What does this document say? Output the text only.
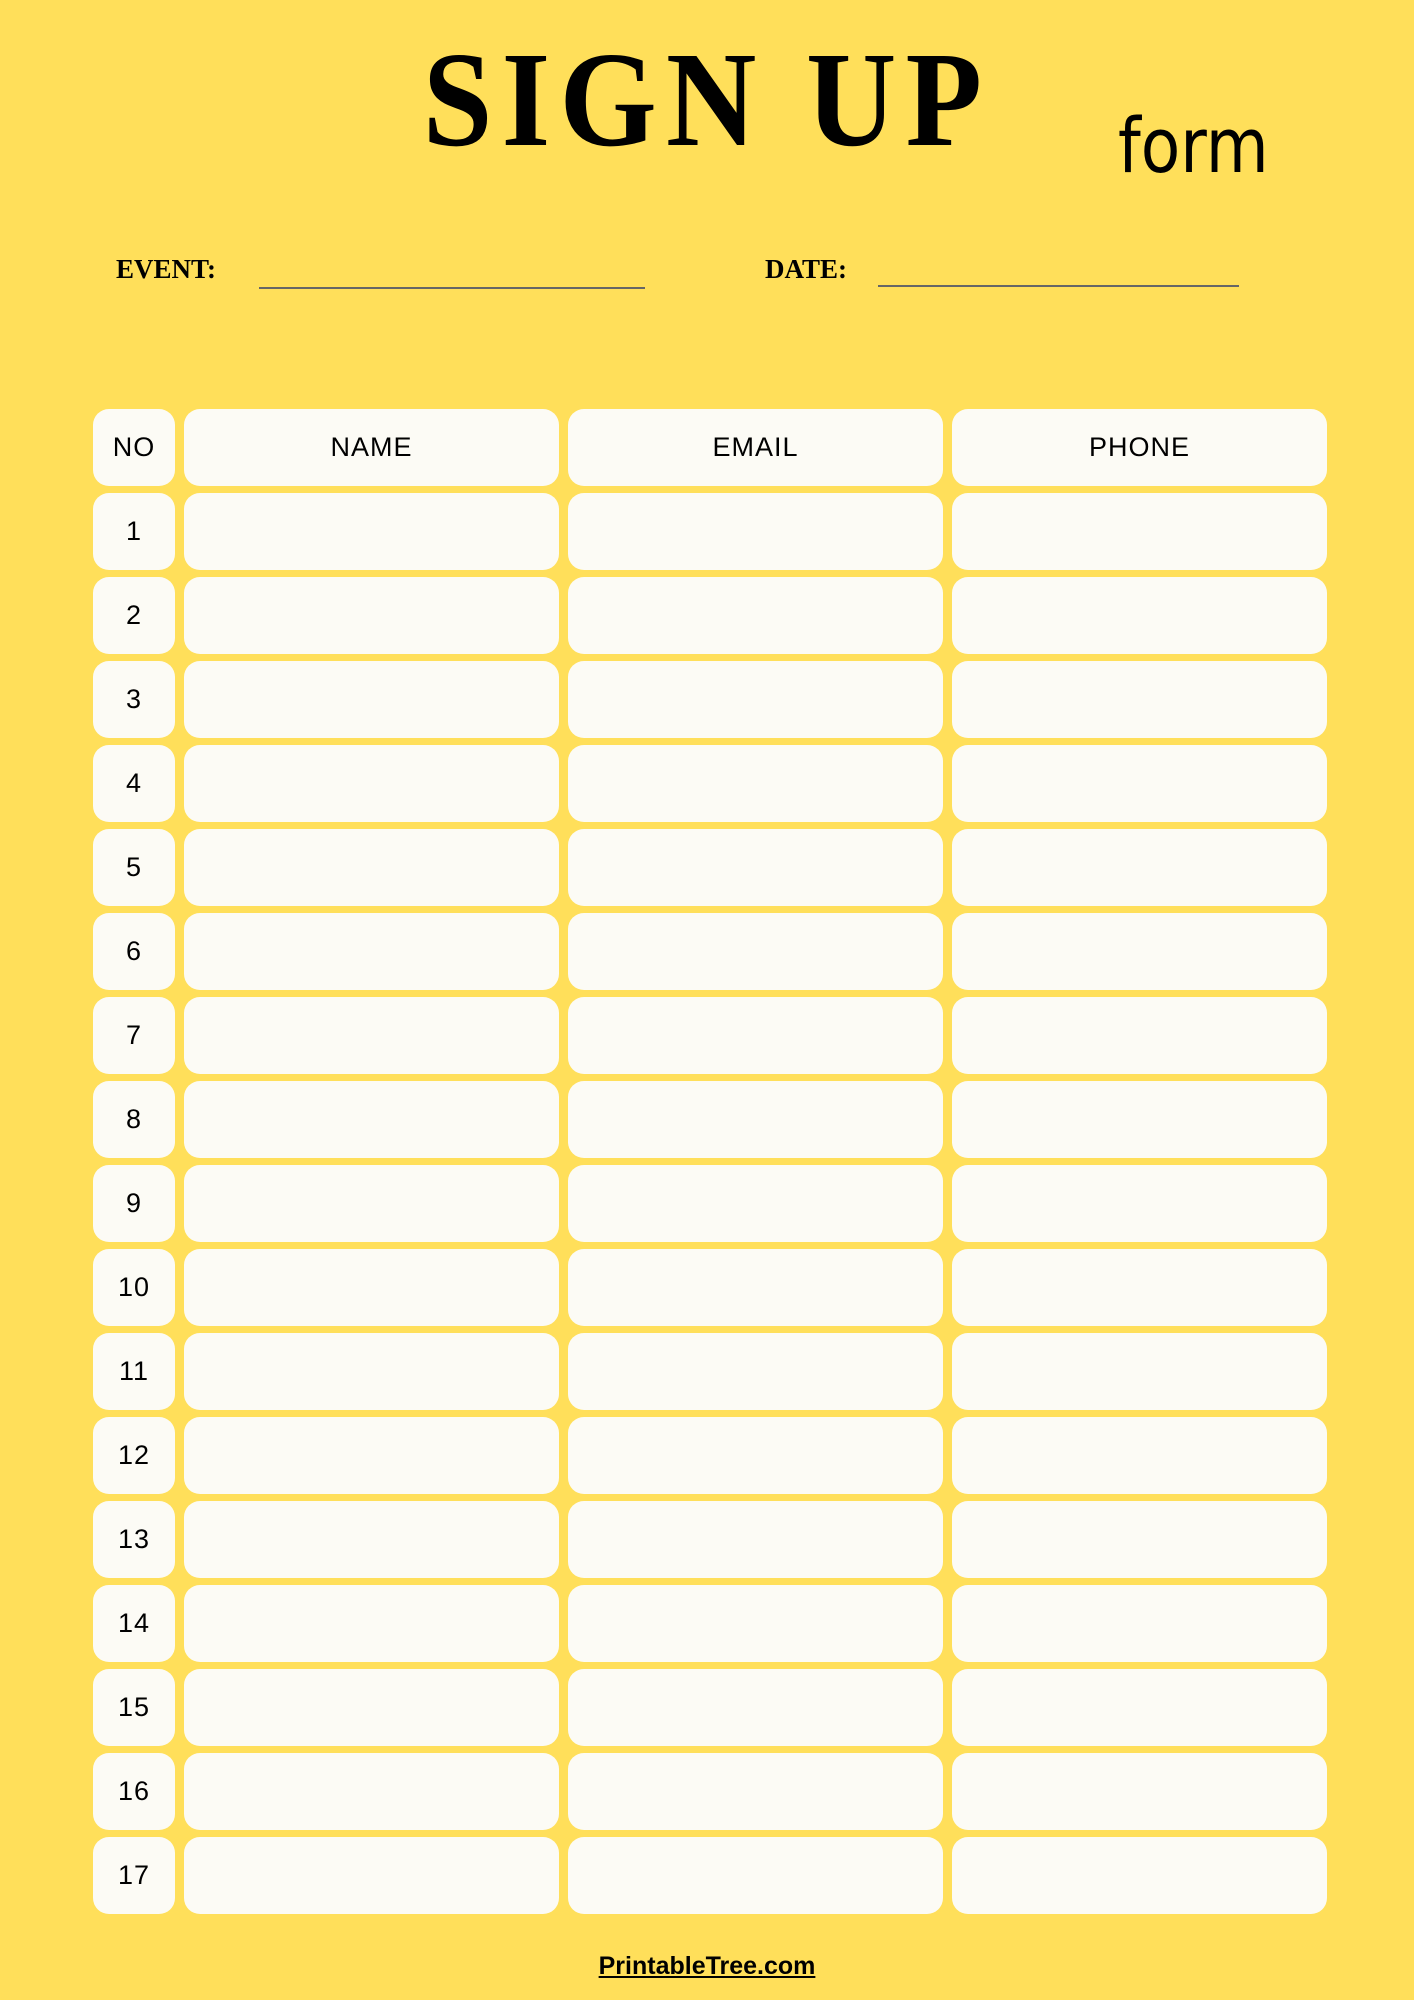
SIGN UP	form
EVENT:	DATE:
NO	NAME	EMAIL	PHONE
1
2
3
4
5
6
7
8
9
10
11
12
13
14
15
16
17
PrintableTree.com
